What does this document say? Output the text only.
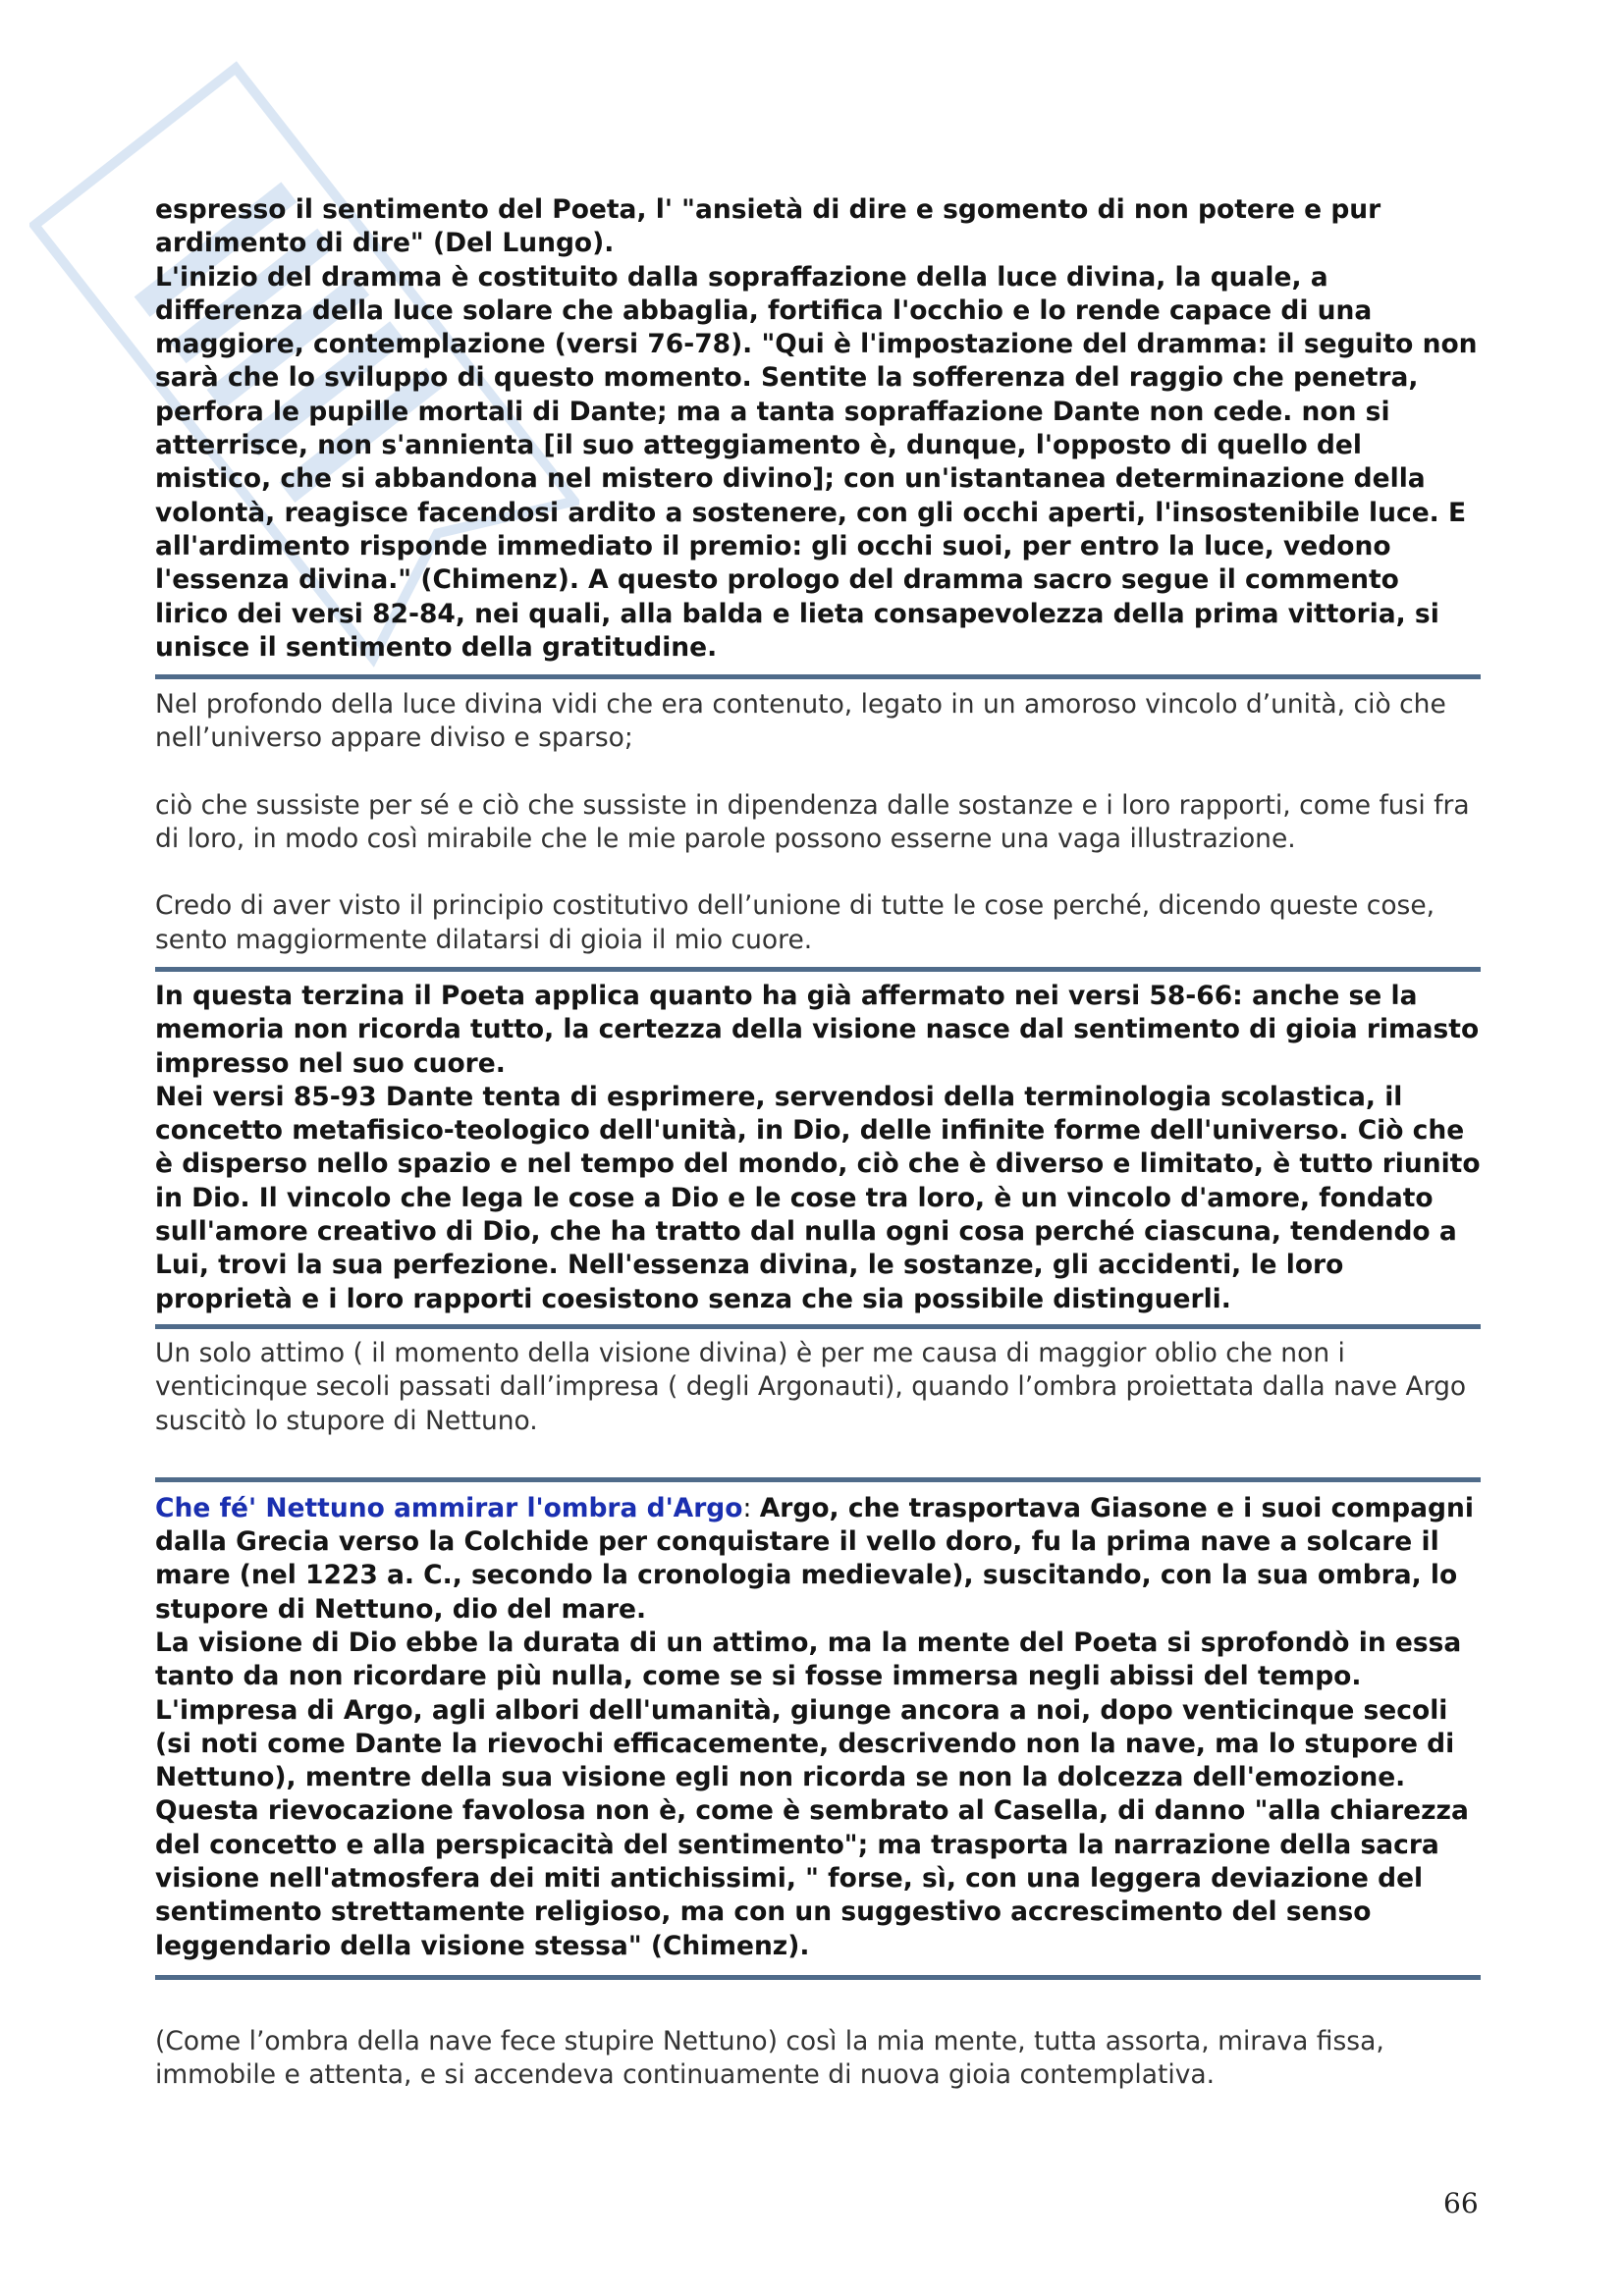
espresso il sentimento del Poeta, l' "ansietà di dire e sgomento di non potere e pur ardimento di dire" (Del Lungo).

L'inizio del dramma è costituito dalla sopraffazione della luce divina, la quale, a differenza della luce solare che abbaglia, fortifica l'occhio e lo rende capace di una maggiore, contemplazione (versi 76-78). "Qui è l'impostazione del dramma: il seguito non sarà che lo sviluppo di questo momento. Sentite la sofferenza del raggio che penetra, perfora le pupille mortali di Dante; ma a tanta sopraffazione Dante non cede. non si atterrisce, non s'annienta [il suo atteggiamento è, dunque, l'opposto di quello del mistico, che si abbandona nel mistero divino]; con un'istantanea determinazione della volontà, reagisce facendosi ardito a sostenere, con gli occhi aperti, l'insostenibile luce. E all'ardimento risponde immediato il premio: gli occhi suoi, per entro la luce, vedono l'essenza divina." (Chimenz). A questo prologo del dramma sacro segue il commento lirico dei versi 82-84, nei quali, alla balda e lieta consapevolezza della prima vittoria, si unisce il sentimento della gratitudine.

Nel profondo della luce divina vidi che era contenuto, legato in un amoroso vincolo d’unità, ciò che nell’universo appare diviso e sparso;

ciò che sussiste per sé e ciò che sussiste in dipendenza dalle sostanze e i loro rapporti, come fusi fra di loro, in modo così mirabile che le mie parole possono esserne una vaga illustrazione.

Credo di aver visto il principio costitutivo dell’unione di tutte le cose perché, dicendo queste cose, sento maggiormente dilatarsi di gioia il mio cuore.

In questa terzina il Poeta applica quanto ha già affermato nei versi 58-66: anche se la memoria non ricorda tutto, la certezza della visione nasce dal sentimento di gioia rimasto impresso nel suo cuore.

Nei versi 85-93 Dante tenta di esprimere, servendosi della terminologia scolastica, il concetto metafisico-teologico dell'unità, in Dio, delle infinite forme dell'universo. Ciò che è disperso nello spazio e nel tempo del mondo, ciò che è diverso e limitato, è tutto riunito in Dio. Il vincolo che lega le cose a Dio e le cose tra loro, è un vincolo d'amore, fondato sull'amore creativo di Dio, che ha tratto dal nulla ogni cosa perché ciascuna, tendendo a Lui, trovi la sua perfezione. Nell'essenza divina, le sostanze, gli accidenti, le loro proprietà e i loro rapporti coesistono senza che sia possibile distinguerli.

Un solo attimo ( il momento della visione divina) è per me causa di maggior oblio che non i venticinque secoli passati dall’impresa ( degli Argonauti), quando l’ombra proiettata dalla nave Argo suscitò lo stupore di Nettuno.

Che fé' Nettuno ammirar l'ombra d'Argo: Argo, che trasportava Giasone e i suoi compagni dalla Grecia verso la Colchide per conquistare il vello doro, fu la prima nave a solcare il mare (nel 1223 a. C., secondo la cronologia medievale), suscitando, con la sua ombra, lo stupore di Nettuno, dio del mare.

La visione di Dio ebbe la durata di un attimo, ma la mente del Poeta si sprofondò in essa tanto da non ricordare più nulla, come se si fosse immersa negli abissi del tempo. L'impresa di Argo, agli albori dell'umanità, giunge ancora a noi, dopo venticinque secoli (si noti come Dante la rievochi efficacemente, descrivendo non la nave, ma lo stupore di Nettuno), mentre della sua visione egli non ricorda se non la dolcezza dell'emozione. Questa rievocazione favolosa non è, come è sembrato al Casella, di danno "alla chiarezza del concetto e alla perspicacità del sentimento"; ma trasporta la narrazione della sacra visione nell'atmosfera dei miti antichissimi, " forse, sì, con una leggera deviazione del sentimento strettamente religioso, ma con un suggestivo accrescimento del senso leggendario della visione stessa" (Chimenz).

(Come l’ombra della nave fece stupire Nettuno) così la mia mente, tutta assorta, mirava fissa, immobile e attenta, e si accendeva continuamente di nuova gioia contemplativa.

66
